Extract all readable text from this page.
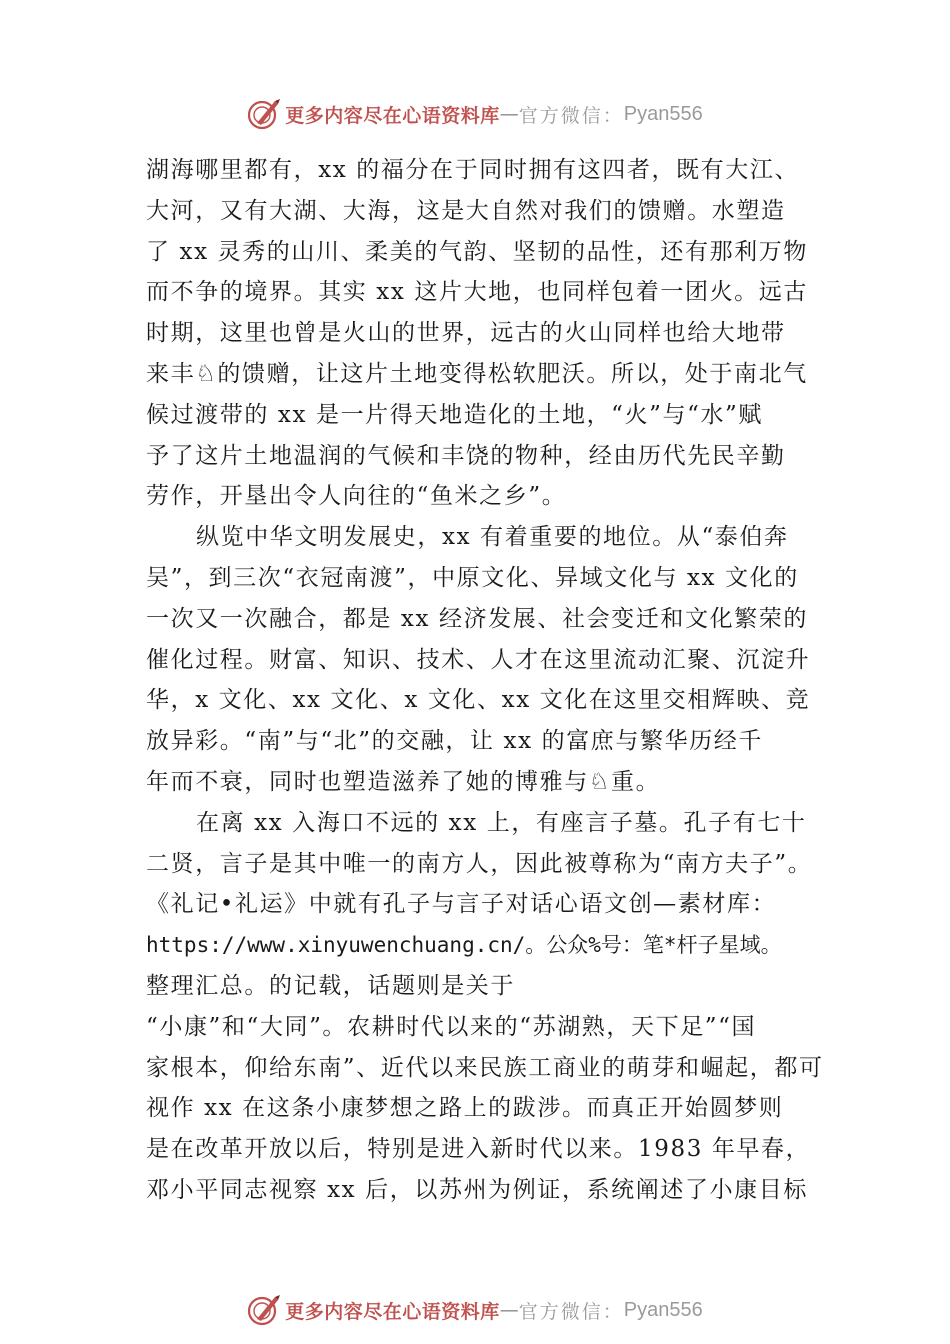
更多内容尽在心语资料库 — 官方微信： Pyan556
湖海哪里都有，xx 的福分在于同时拥有这四者，既有大江、
大河，又有大湖、大海，这是大自然对我们的馈赠。水塑造
了 xx 灵秀的山川、柔美的气韵、坚韧的品性，还有那利万物
而不争的境界。其实 xx 这片大地，也同样包着一团火。远古
时期，这里也曾是火山的世界，远古的火山同样也给大地带
来丰♘的馈赠，让这片土地变得松软肥沃。所以，处于南北气
候过渡带的 xx 是一片得天地造化的土地，“火”与“水”赋
予了这片土地温润的气候和丰饶的物种，经由历代先民辛勤
劳作，开垦出令人向往的“鱼米之乡”。
纵览中华文明发展史，xx 有着重要的地位。从“泰伯奔
吴”，到三次“衣冠南渡”，中原文化、异域文化与 xx 文化的
一次又一次融合，都是 xx 经济发展、社会变迁和文化繁荣的
催化过程。财富、知识、技术、人才在这里流动汇聚、沉淀升
华，x 文化、xx 文化、x 文化、xx 文化在这里交相辉映、竞
放异彩。“南”与“北”的交融，让 xx 的富庶与繁华历经千
年而不衰，同时也塑造滋养了她的博雅与♘重。
在离 xx 入海口不远的 xx 上，有座言子墓。孔子有七十
二贤，言子是其中唯一的南方人，因此被尊称为“南方夫子”。
《礼记•礼运》中就有孔子与言子对话心语文创—素材库：
https://www.xinyuwenchuang.cn/。公众%号：笔*杆子星域。
整理汇总。的记载，话题则是关于
“小康”和“大同”。农耕时代以来的“苏湖熟，天下足”“国
家根本，仰给东南”、近代以来民族工商业的萌芽和崛起，都可
视作 xx 在这条小康梦想之路上的跋涉。而真正开始圆梦则
是在改革开放以后，特别是进入新时代以来。1983 年早春，
邓小平同志视察 xx 后，以苏州为例证，系统阐述了小康目标
更多内容尽在心语资料库 — 官方微信： Pyan556
